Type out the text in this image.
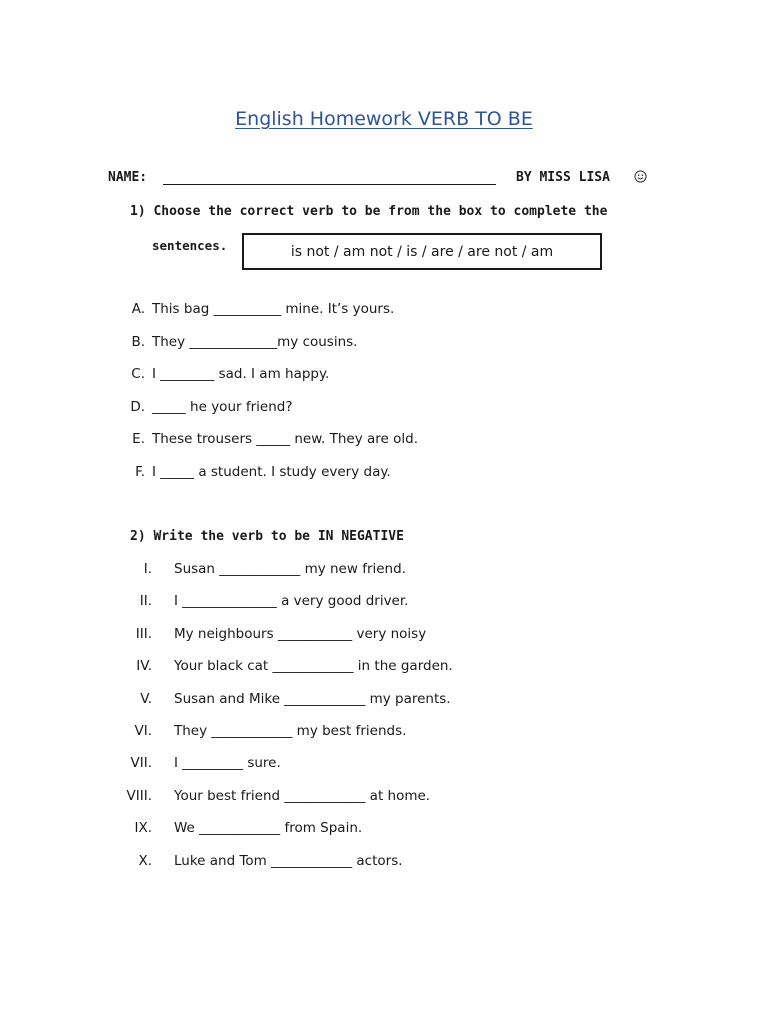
English Homework VERB TO BE
NAME:	BY MISS LISA
1) Choose the correct verb to be from the box to complete the
sentences.	is not / am not / is / are / are not / am
A. This bag __________ mine. It’s yours.
B. They _____________my cousins.
C. I ________ sad. I am happy.
D. _____ he your friend?
E. These trousers _____ new. They are old.
F. I _____ a student. I study every day.
2) Write the verb to be IN NEGATIVE
I. Susan ____________ my new friend.
II. I ______________ a very good driver.
III. My neighbours ___________ very noisy
IV. Your black cat ____________ in the garden.
V. Susan and Mike ____________ my parents.
VI. They ____________ my best friends.
VII. I _________ sure.
VIII. Your best friend ____________ at home.
IX. We ____________ from Spain.
X. Luke and Tom ____________ actors.
